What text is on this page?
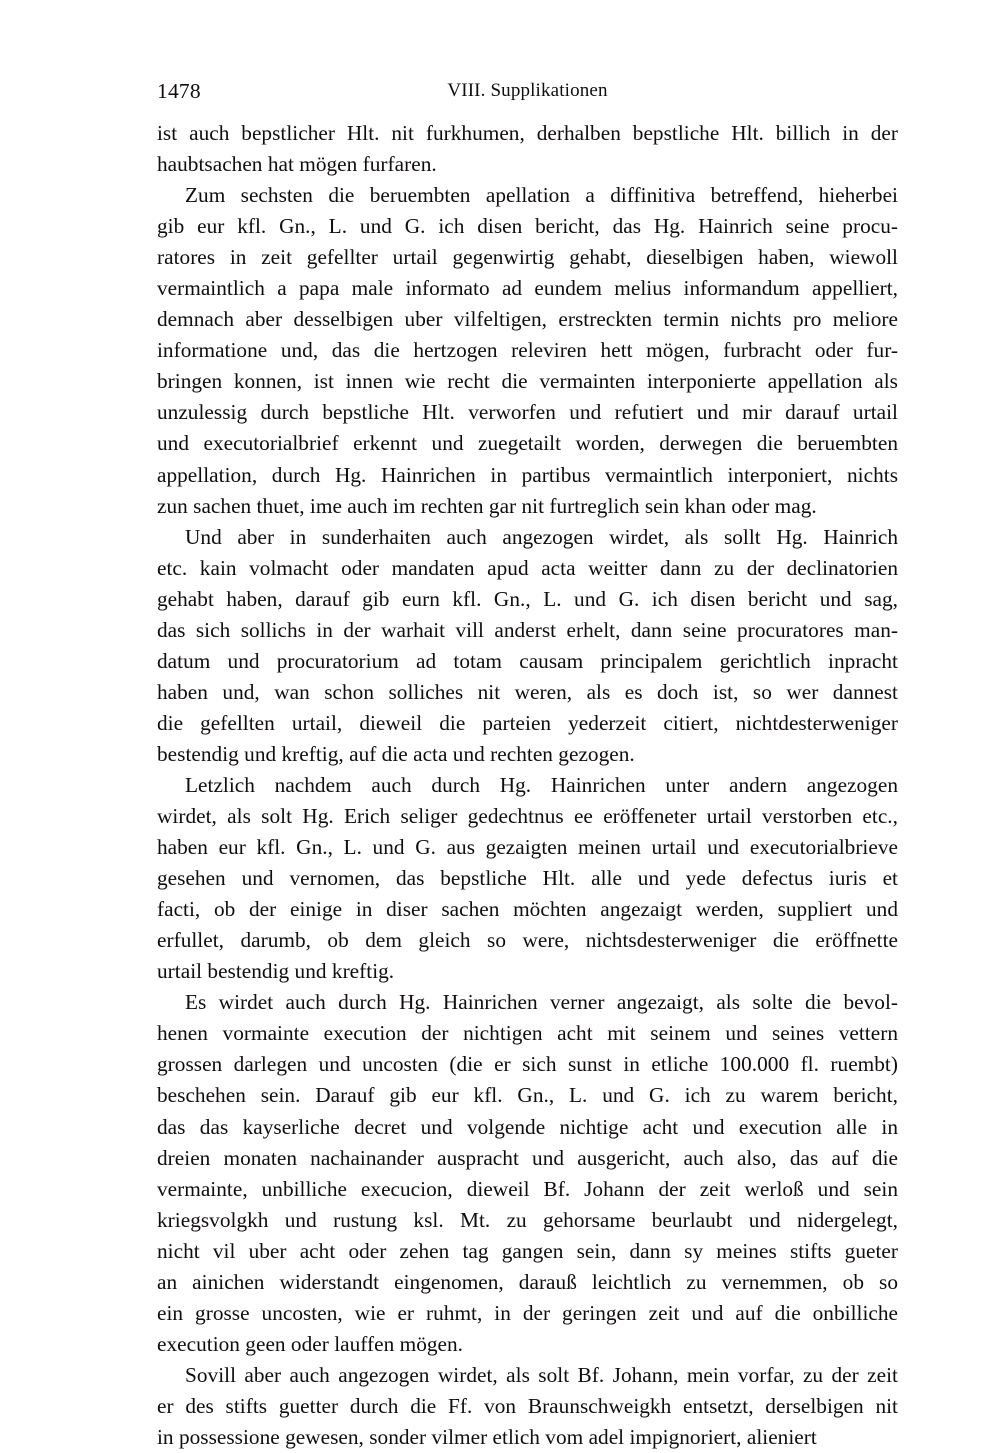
1478	VIII. Supplikationen

ist auch bepstlicher Hlt. nit furkhumen, derhalben bepstliche Hlt. billich in der
haubtsachen hat mögen furfaren.

Zum sechsten die beruembten apellation a diffinitiva betreffend, hieherbei
gib eur kfl. Gn., L. und G. ich disen bericht, das Hg. Hainrich seine procu-
ratores in zeit gefellter urtail gegenwirtig gehabt, dieselbigen haben, wiewoll
vermaintlich a papa male informato ad eundem melius informandum appelliert,
demnach aber desselbigen uber vilfeltigen, erstreckten termin nichts pro meliore
informatione und, das die hertzogen releviren hett mögen, furbracht oder fur-
bringen konnen, ist innen wie recht die vermainten interponierte appellation als
unzulessig durch bepstliche Hlt. verworfen und refutiert und mir darauf urtail
und executorialbrief erkennt und zuegetailt worden, derwegen die beruembten
appellation, durch Hg. Hainrichen in partibus vermaintlich interponiert, nichts
zun sachen thuet, ime auch im rechten gar nit furtreglich sein khan oder mag.

Und aber in sunderhaiten auch angezogen wirdet, als sollt Hg. Hainrich
etc. kain volmacht oder mandaten apud acta weitter dann zu der declinatorien
gehabt haben, darauf gib eurn kfl. Gn., L. und G. ich disen bericht und sag,
das sich sollichs in der warhait vill anderst erhelt, dann seine procuratores man-
datum und procuratorium ad totam causam principalem gerichtlich inpracht
haben und, wan schon solliches nit weren, als es doch ist, so wer dannest
die gefellten urtail, dieweil die parteien yederzeit citiert, nichtdesterweniger
bestendig und kreftig, auf die acta und rechten gezogen.

Letzlich nachdem auch durch Hg. Hainrichen unter andern angezogen
wirdet, als solt Hg. Erich seliger gedechtnus ee eröffeneter urtail verstorben etc.,
haben eur kfl. Gn., L. und G. aus gezaigten meinen urtail und executorialbrieve
gesehen und vernomen, das bepstliche Hlt. alle und yede defectus iuris et
facti, ob der einige in diser sachen möchten angezaigt werden, suppliert und
erfullet, darumb, ob dem gleich so were, nichtsdesterweniger die eröffnette
urtail bestendig und kreftig.

Es wirdet auch durch Hg. Hainrichen verner angezaigt, als solte die bevol-
henen vormainte execution der nichtigen acht mit seinem und seines vettern
grossen darlegen und uncosten (die er sich sunst in etliche 100.000 fl. ruembt)
beschehen sein. Darauf gib eur kfl. Gn., L. und G. ich zu warem bericht,
das das kayserliche decret und volgende nichtige acht und execution alle in
dreien monaten nachainander auspracht und ausgericht, auch also, das auf die
vermainte, unbilliche execucion, dieweil Bf. Johann der zeit werloß und sein
kriegsvolgkh und rustung ksl. Mt. zu gehorsame beurlaubt und nidergelegt,
nicht vil uber acht oder zehen tag gangen sein, dann sy meines stifts gueter
an ainichen widerstandt eingenomen, darauß leichtlich zu vernemmen, ob so
ein grosse uncosten, wie er ruhmt, in der geringen zeit und auf die onbilliche
execution geen oder lauffen mögen.

Sovill aber auch angezogen wirdet, als solt Bf. Johann, mein vorfar, zu der zeit
er des stifts guetter durch die Ff. von Braunschweigkh entsetzt, derselbigen nit
in possessione gewesen, sonder vilmer etlich vom adel impignoriert, alieniert
